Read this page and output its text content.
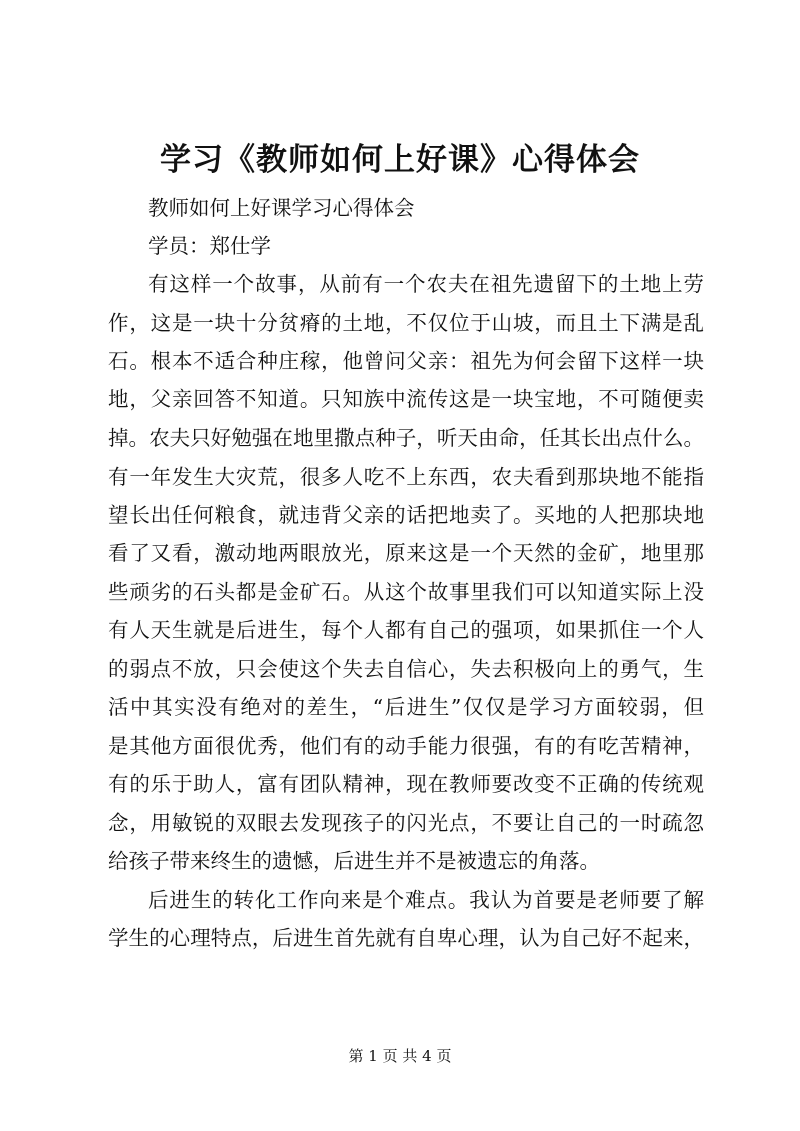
学习《教师如何上好课》心得体会
教师如何上好课学习心得体会
学员：郑仕学
有这样一个故事，从前有一个农夫在祖先遗留下的土地上劳
作，这是一块十分贫瘠的土地，不仅位于山坡，而且土下满是乱
石。根本不适合种庄稼，他曾问父亲：祖先为何会留下这样一块
地，父亲回答不知道。只知族中流传这是一块宝地，不可随便卖
掉。农夫只好勉强在地里撒点种子，听天由命，任其长出点什么。
有一年发生大灾荒，很多人吃不上东西，农夫看到那块地不能指
望长出任何粮食，就违背父亲的话把地卖了。买地的人把那块地
看了又看，激动地两眼放光，原来这是一个天然的金矿，地里那
些顽劣的石头都是金矿石。从这个故事里我们可以知道实际上没
有人天生就是后进生，每个人都有自己的强项，如果抓住一个人
的弱点不放，只会使这个失去自信心，失去积极向上的勇气，生
活中其实没有绝对的差生，“后进生”仅仅是学习方面较弱，但
是其他方面很优秀，他们有的动手能力很强，有的有吃苦精神，
有的乐于助人，富有团队精神，现在教师要改变不正确的传统观
念，用敏锐的双眼去发现孩子的闪光点，不要让自己的一时疏忽
给孩子带来终生的遗憾，后进生并不是被遗忘的角落。
后进生的转化工作向来是个难点。我认为首要是老师要了解
学生的心理特点，后进生首先就有自卑心理，认为自己好不起来，
第 1 页 共 4 页
